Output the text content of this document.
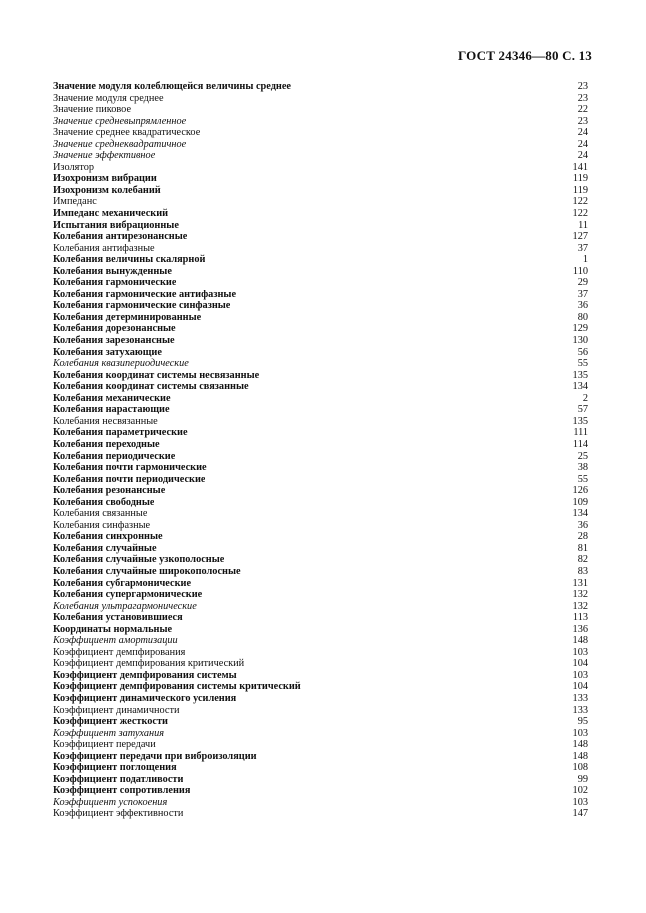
ГОСТ 24346—80 С. 13
Значение модуля колеблющейся величины среднее	23
Значение модуля среднее	23
Значение пиковое	22
Значение средневыпрямленное	23
Значение среднее квадратическое	24
Значение среднеквадратичное	24
Значение эффективное	24
Изолятор	141
Изохронизм вибрации	119
Изохронизм колебаний	119
Импеданс	122
Импеданс механический	122
Испытания вибрационные	11
Колебания антирезонансные	127
Колебания антифазные	37
Колебания величины скалярной	1
Колебания вынужденные	110
Колебания гармонические	29
Колебания гармонические антифазные	37
Колебания гармонические синфазные	36
Колебания детерминированные	80
Колебания дорезонансные	129
Колебания зарезонансные	130
Колебания затухающие	56
Колебания квазипериодические	55
Колебания координат системы несвязанные	135
Колебания координат системы связанные	134
Колебания механические	2
Колебания нарастающие	57
Колебания несвязанные	135
Колебания параметрические	111
Колебания переходные	114
Колебания периодические	25
Колебания почти гармонические	38
Колебания почти периодические	55
Колебания резонансные	126
Колебания свободные	109
Колебания связанные	134
Колебания синфазные	36
Колебания синхронные	28
Колебания случайные	81
Колебания случайные узкополосные	82
Колебания случайные широкополосные	83
Колебания субгармонические	131
Колебания супергармонические	132
Колебания ультрагармонические	132
Колебания установившиеся	113
Координаты нормальные	136
Коэффициент амортизации	148
Коэффициент демпфирования	103
Коэффициент демпфирования критический	104
Коэффициент демпфирования системы	103
Коэффициент демпфирования системы критический	104
Коэффициент динамического усиления	133
Коэффициент динамичности	133
Коэффициент жесткости	95
Коэффициент затухания	103
Коэффициент передачи	148
Коэффициент передачи при виброизоляции	148
Коэффициент поглощения	108
Коэффициент податливости	99
Коэффициент сопротивления	102
Коэффициент успокоения	103
Коэффициент эффективности	147
